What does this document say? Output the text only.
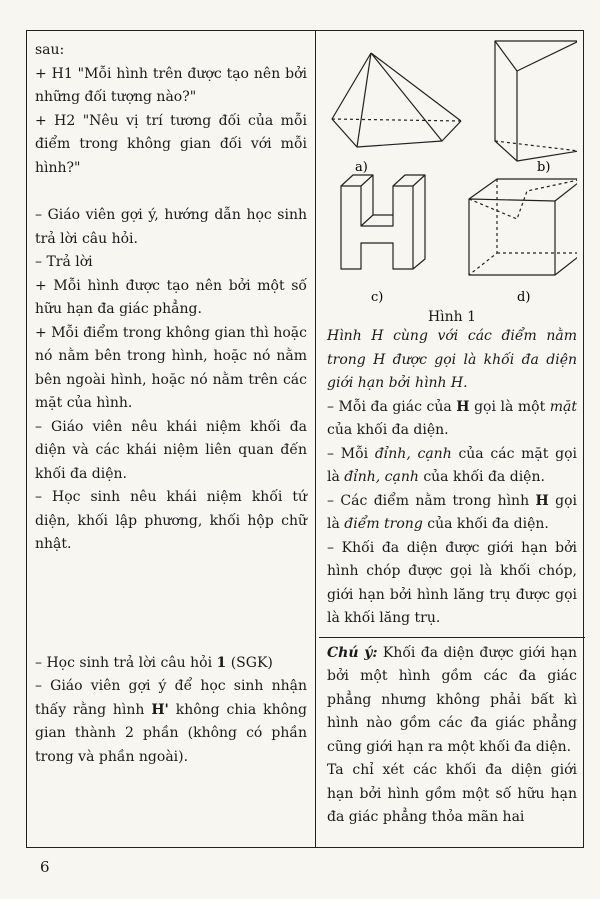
sau:

+ H1 "Mỗi hình trên được tạo nên bởi những đối tượng nào?"

+ H2 "Nêu vị trí tương đối của mỗi điểm trong không gian đối với mỗi hình?"

– Giáo viên gợi ý, hướng dẫn học sinh trả lời câu hỏi.

– Trả lời

+ Mỗi hình được tạo nên bởi một số hữu hạn đa giác phẳng.

+ Mỗi điểm trong không gian thì hoặc nó nằm bên trong hình, hoặc nó nằm bên ngoài hình, hoặc nó nằm trên các mặt của hình.

– Giáo viên nêu khái niệm khối đa diện và các khái niệm liên quan đến khối đa diện.

– Học sinh nêu khái niệm khối tứ diện, khối lập phương, khối hộp chữ nhật.

– Học sinh trả lời câu hỏi 1 (SGK)

– Giáo viên gợi ý để học sinh nhận thấy rằng hình H' không chia không gian thành 2 phần (không có phần trong và phần ngoài).

a)	b)
c)	d)
Hình 1

Hình H cùng với các điểm nằm trong H được gọi là khối đa diện giới hạn bởi hình H.

– Mỗi đa giác của H gọi là một mặt của khối đa diện.

– Mỗi đỉnh, cạnh của các mặt gọi là đỉnh, cạnh của khối đa diện.

– Các điểm nằm trong hình H gọi là điểm trong của khối đa diện.

– Khối đa diện được giới hạn bởi hình chóp được gọi là khối chóp, giới hạn bởi hình lăng trụ được gọi là khối lăng trụ.

Chú ý: Khối đa diện được giới hạn bởi một hình gồm các đa giác phẳng nhưng không phải bất kì hình nào gồm các đa giác phẳng cũng giới hạn ra một khối đa diện.

Ta chỉ xét các khối đa diện giới hạn bởi hình gồm một số hữu hạn đa giác phẳng thỏa mãn hai

6
